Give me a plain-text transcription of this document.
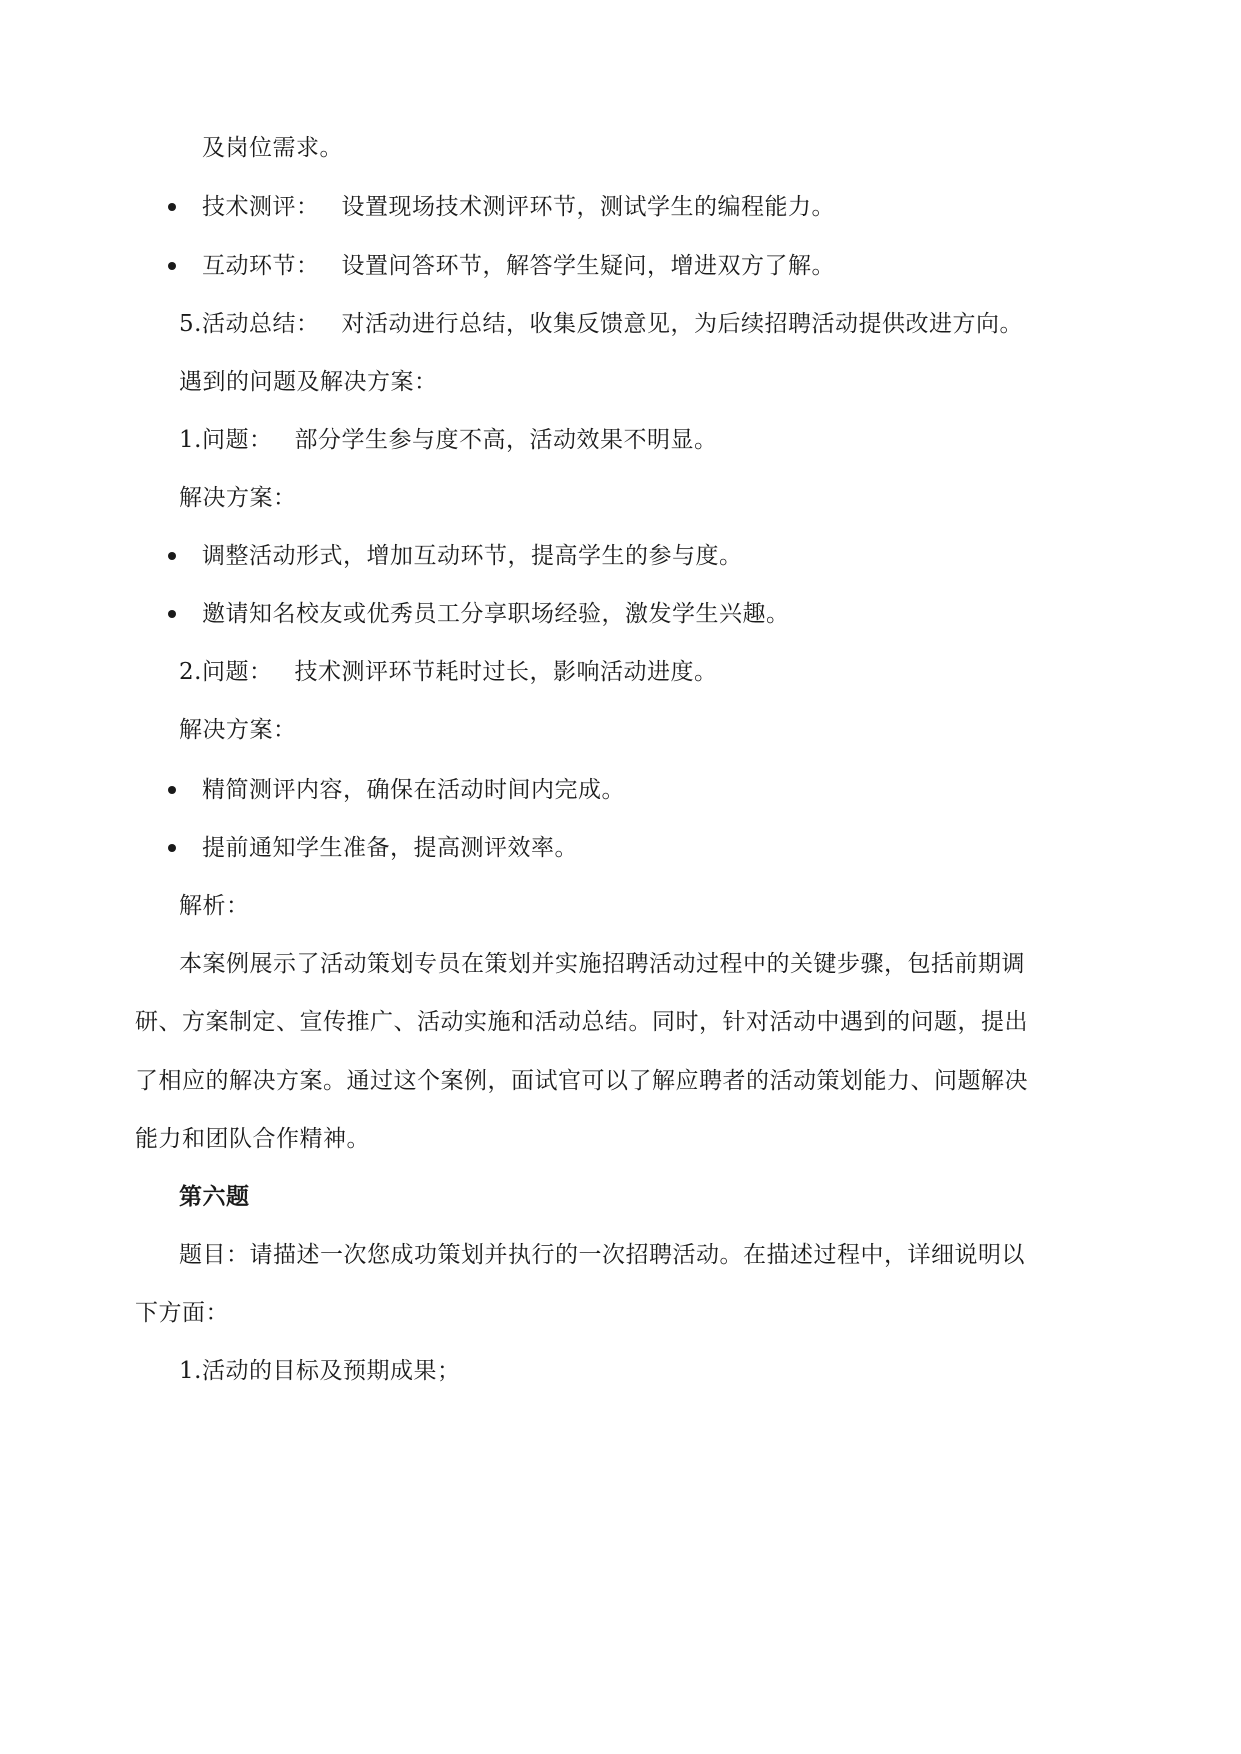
及岗位需求。
技术测评： 设置现场技术测评环节，测试学生的编程能力。
互动环节： 设置问答环节，解答学生疑问，增进双方了解。
5.活动总结： 对活动进行总结，收集反馈意见，为后续招聘活动提供改进方向。
遇到的问题及解决方案：
1.问题： 部分学生参与度不高，活动效果不明显。
解决方案：
调整活动形式，增加互动环节，提高学生的参与度。
邀请知名校友或优秀员工分享职场经验，激发学生兴趣。
2.问题： 技术测评环节耗时过长，影响活动进度。
解决方案：
精简测评内容，确保在活动时间内完成。
提前通知学生准备，提高测评效率。
解析：
本案例展示了活动策划专员在策划并实施招聘活动过程中的关键步骤，包括前期调
研、方案制定、宣传推广、活动实施和活动总结。同时，针对活动中遇到的问题，提出
了相应的解决方案。通过这个案例，面试官可以了解应聘者的活动策划能力、问题解决
能力和团队合作精神。
第六题
题目：请描述一次您成功策划并执行的一次招聘活动。在描述过程中，详细说明以
下方面：
1.活动的目标及预期成果；
